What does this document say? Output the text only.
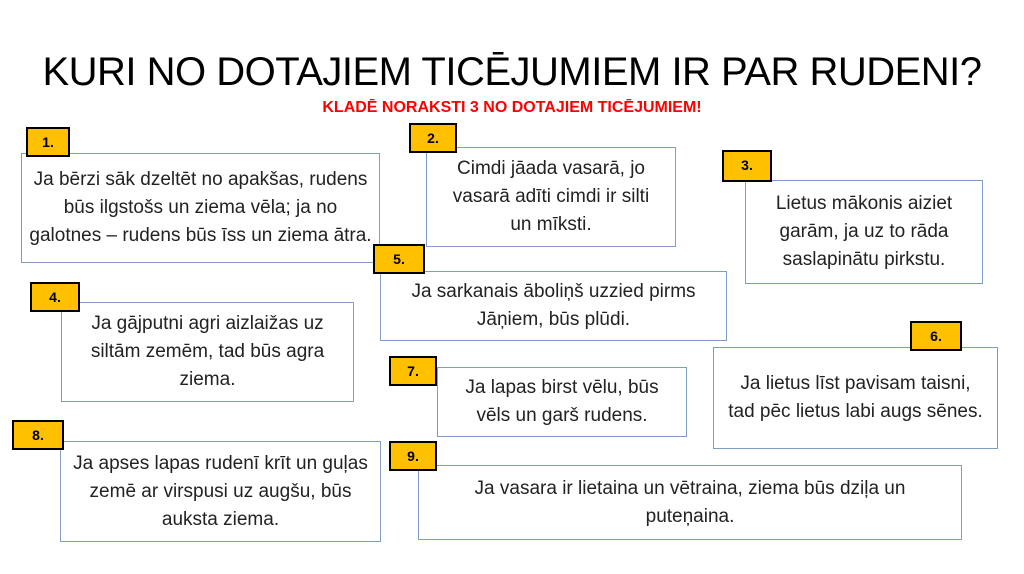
KURI NO DOTAJIEM TICĒJUMIEM IR PAR RUDENI?
KLADĒ NORAKSTI 3 NO DOTAJIEM TICĒJUMIEM!
Ja bērzi sāk dzeltēt no apakšas, rudens būs ilgstošs un ziema vēla; ja no galotnes – rudens būs īss un ziema ātra.
1.
Cimdi jāada vasarā, jo vasarā adīti cimdi ir silti un mīksti.
2.
Lietus mākonis aiziet garām, ja uz to rāda saslapinātu pirkstu.
3.
Ja gājputni agri aizlaižas uz siltām zemēm, tad būs agra ziema.
4.	Ja sarkanais āboliņš uzzied pirms Jāņiem, būs plūdi.
5.
Ja lietus līst pavisam taisni, tad pēc lietus labi augs sēnes.
6.
Ja lapas birst vēlu, būs vēls un garš rudens.
7.
Ja apses lapas rudenī krīt un guļas zemē ar virspusi uz augšu, būs auksta ziema.
8.
Ja vasara ir lietaina un vētraina, ziema būs dziļa un puteņaina.
9.
